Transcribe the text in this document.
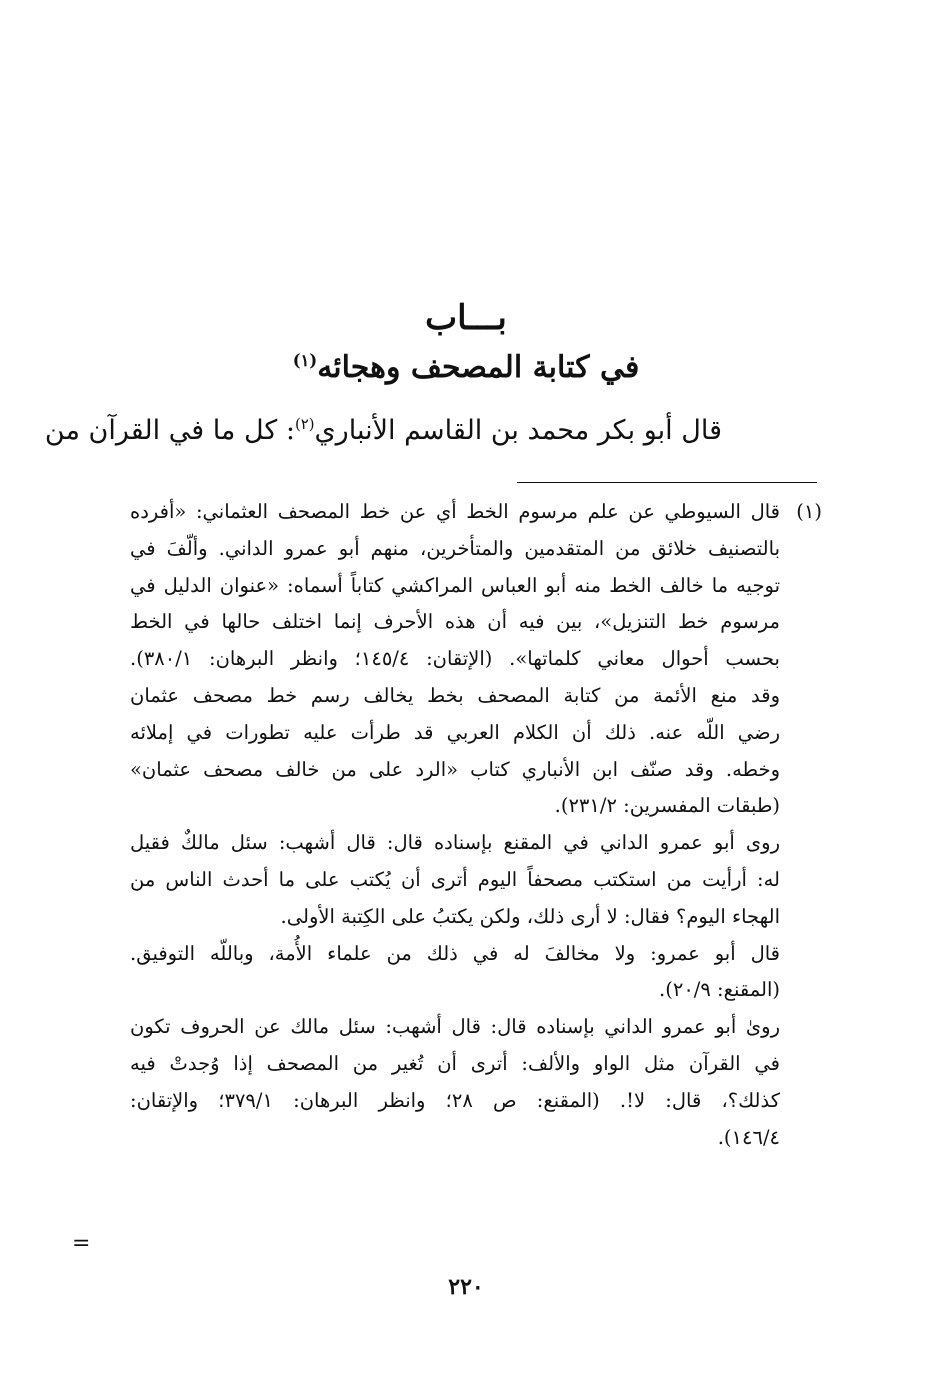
بـــاب
في كتابة المصحف وهجائه$^{(١)}$
قال أبو بكر محمد بن القاسم الأنباري$^{(٢)}$: كل ما في القرآن من
(١)
قال السيوطي عن علم مرسوم الخط أي عن خط المصحف العثماني: «أفرده
بالتصنيف خلائق من المتقدمين والمتأخرين، منهم أبو عمرو الداني. وألّفَ في
توجيه ما خالف الخط منه أبو العباس المراكشي كتاباً أسماه: «عنوان الدليل في
مرسوم خط التنزيل»، بين فيه أن هذه الأحرف إنما اختلف حالها في الخط
بحسب أحوال معاني كلماتها». (الإتقان: ١٤٥/٤؛ وانظر البرهان: ٣٨٠/١).
وقد منع الأئمة من كتابة المصحف بخط يخالف رسم خط مصحف عثمان
رضي اللّه عنه. ذلك أن الكلام العربي قد طرأت عليه تطورات في إملائه
وخطه. وقد صنّف ابن الأنباري كتاب «الرد على من خالف مصحف عثمان»
(طبقات المفسرين: ٢٣١/٢).
روى أبو عمرو الداني في المقنع بإسناده قال: قال أشهب: سئل مالكٌ فقيل
له: أرأيت من استكتب مصحفاً اليوم أترى أن يُكتب على ما أحدث الناس من
الهجاء اليوم؟ فقال: لا أرى ذلك، ولكن يكتبُ على الكِتبة الأولى.
قال أبو عمرو: ولا مخالفَ له في ذلك من علماء الأُمة، وباللّه التوفيق.
(المقنع: ٢٠/٩).
روىٰ أبو عمرو الداني بإسناده قال: قال أشهب: سئل مالك عن الحروف تكون
في القرآن مثل الواو والألف: أترى أن تُغير من المصحف إذا وُجدتْ فيه
كذلك؟، قال: لا!. (المقنع: ص ٢٨؛ وانظر البرهان: ٣٧٩/١؛ والإتقان:
١٤٦/٤).
=
٢٢٠
